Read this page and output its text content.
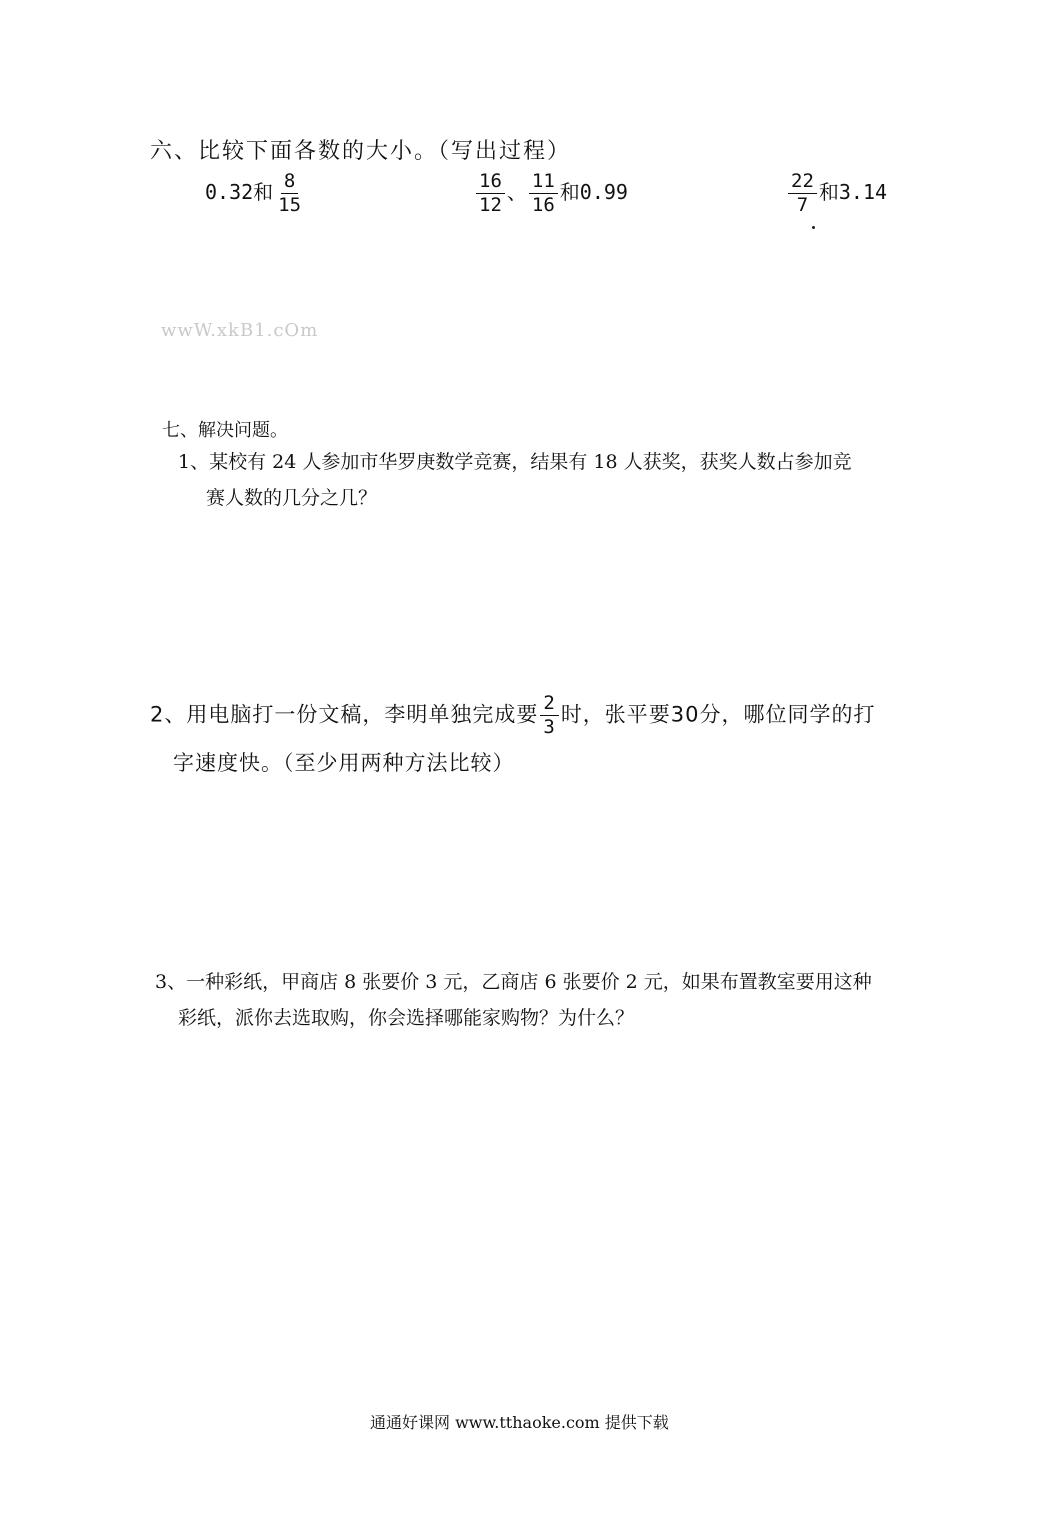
六、比较下面各数的大小。（写出过程）
0.32和 $\frac{8}{15}$	$\frac{16}{12}$ 、 $\frac{11}{16}$ 和0.99	$\frac{22}{7}$ 和3.14
wwW.xkB1.cOm
七、解决问题。
1、某校有 24 人参加市华罗庚数学竞赛，结果有 18 人获奖，获奖人数占参加竞
赛人数的几分之几？
2、用电脑打一份文稿，李明单独完成要 $\frac{2}{3}$ 时，张平要30分，哪位同学的打
字速度快。（至少用两种方法比较）
3、一种彩纸，甲商店 8 张要价 3 元，乙商店 6 张要价 2 元，如果布置教室要用这种
彩纸，派你去选取购，你会选择哪能家购物？为什么？
通通好课网 www.tthaoke.com 提供下载
